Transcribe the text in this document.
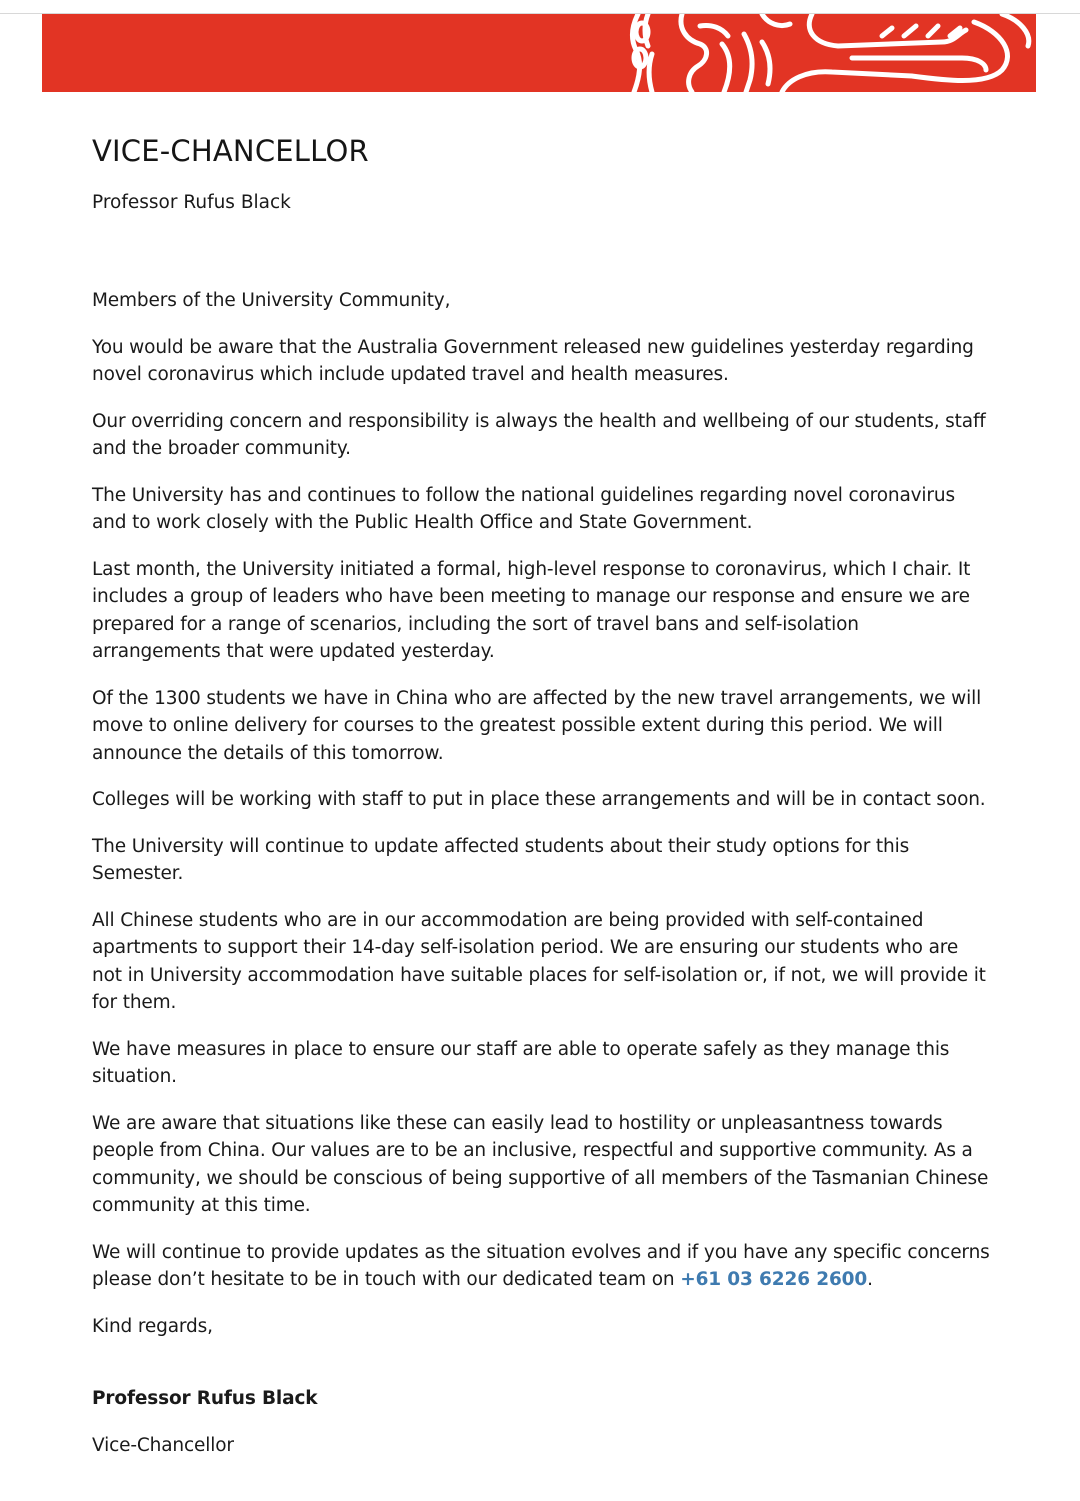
VICE-CHANCELLOR

Professor Rufus Black

Members of the University Community,

You would be aware that the Australia Government released new guidelines yesterday regarding novel coronavirus which include updated travel and health measures.

Our overriding concern and responsibility is always the health and wellbeing of our students, staff and the broader community.

The University has and continues to follow the national guidelines regarding novel coronavirus and to work closely with the Public Health Office and State Government.

Last month, the University initiated a formal, high-level response to coronavirus, which I chair. It includes a group of leaders who have been meeting to manage our response and ensure we are prepared for a range of scenarios, including the sort of travel bans and self-isolation arrangements that were updated yesterday.

Of the 1300 students we have in China who are affected by the new travel arrangements, we will move to online delivery for courses to the greatest possible extent during this period. We will announce the details of this tomorrow.

Colleges will be working with staff to put in place these arrangements and will be in contact soon.

The University will continue to update affected students about their study options for this Semester.

All Chinese students who are in our accommodation are being provided with self-contained apartments to support their 14-day self-isolation period. We are ensuring our students who are not in University accommodation have suitable places for self-isolation or, if not, we will provide it for them.

We have measures in place to ensure our staff are able to operate safely as they manage this situation.

We are aware that situations like these can easily lead to hostility or unpleasantness towards people from China. Our values are to be an inclusive, respectful and supportive community. As a community, we should be conscious of being supportive of all members of the Tasmanian Chinese community at this time.

We will continue to provide updates as the situation evolves and if you have any specific concerns please don’t hesitate to be in touch with our dedicated team on +61 03 6226 2600.

Kind regards,

Professor Rufus Black

Vice-Chancellor
